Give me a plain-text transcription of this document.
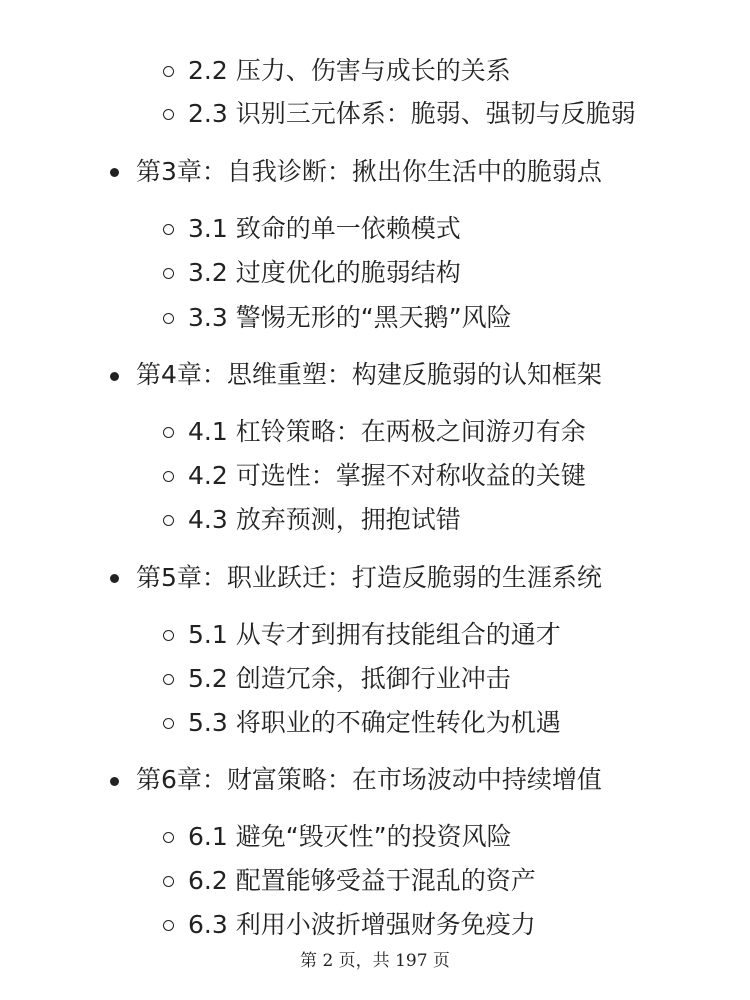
2.2 压力、伤害与成长的关系
2.3 识别三元体系：脆弱、强韧与反脆弱
第3章：自我诊断：揪出你生活中的脆弱点
3.1 致命的单一依赖模式
3.2 过度优化的脆弱结构
3.3 警惕无形的“黑天鹅”风险
第4章：思维重塑：构建反脆弱的认知框架
4.1 杠铃策略：在两极之间游刃有余
4.2 可选性：掌握不对称收益的关键
4.3 放弃预测，拥抱试错
第5章：职业跃迁：打造反脆弱的生涯系统
5.1 从专才到拥有技能组合的通才
5.2 创造冗余，抵御行业冲击
5.3 将职业的不确定性转化为机遇
第6章：财富策略：在市场波动中持续增值
6.1 避免“毁灭性”的投资风险
6.2 配置能够受益于混乱的资产
6.3 利用小波折增强财务免疫力
第 2 页，共 197 页
